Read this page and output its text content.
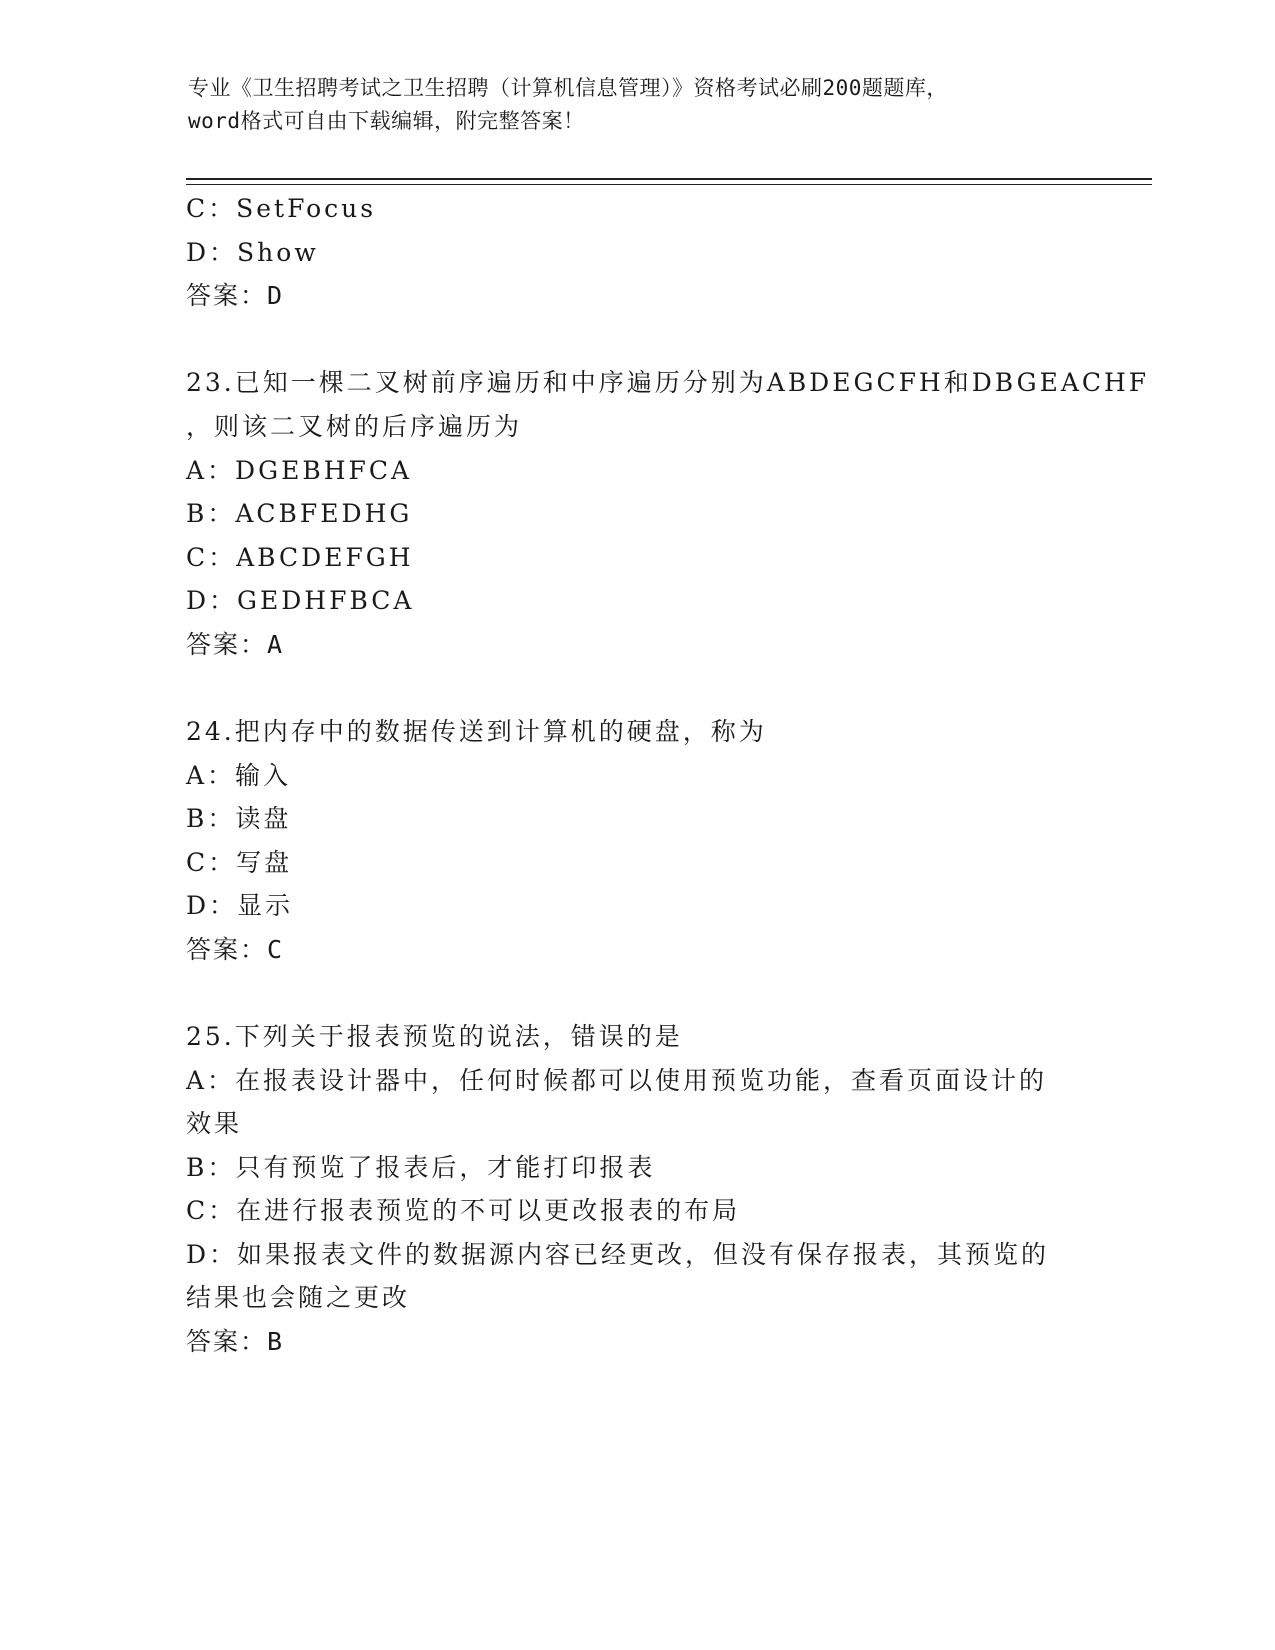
专业《卫生招聘考试之卫生招聘（计算机信息管理）》资格考试必刷200题题库，
word格式可自由下载编辑，附完整答案！
C：SetFocus
D：Show
答案：D
23.已知一棵二叉树前序遍历和中序遍历分别为ABDEGCFH和DBGEACHF
，则该二叉树的后序遍历为
A：DGEBHFCA
B：ACBFEDHG
C：ABCDEFGH
D：GEDHFBCA
答案：A
24.把内存中的数据传送到计算机的硬盘，称为
A：输入
B：读盘
C：写盘
D：显示
答案：C
25.下列关于报表预览的说法，错误的是
A：在报表设计器中，任何时候都可以使用预览功能，查看页面设计的
效果
B：只有预览了报表后，才能打印报表
C：在进行报表预览的不可以更改报表的布局
D：如果报表文件的数据源内容已经更改，但没有保存报表，其预览的
结果也会随之更改
答案：B
